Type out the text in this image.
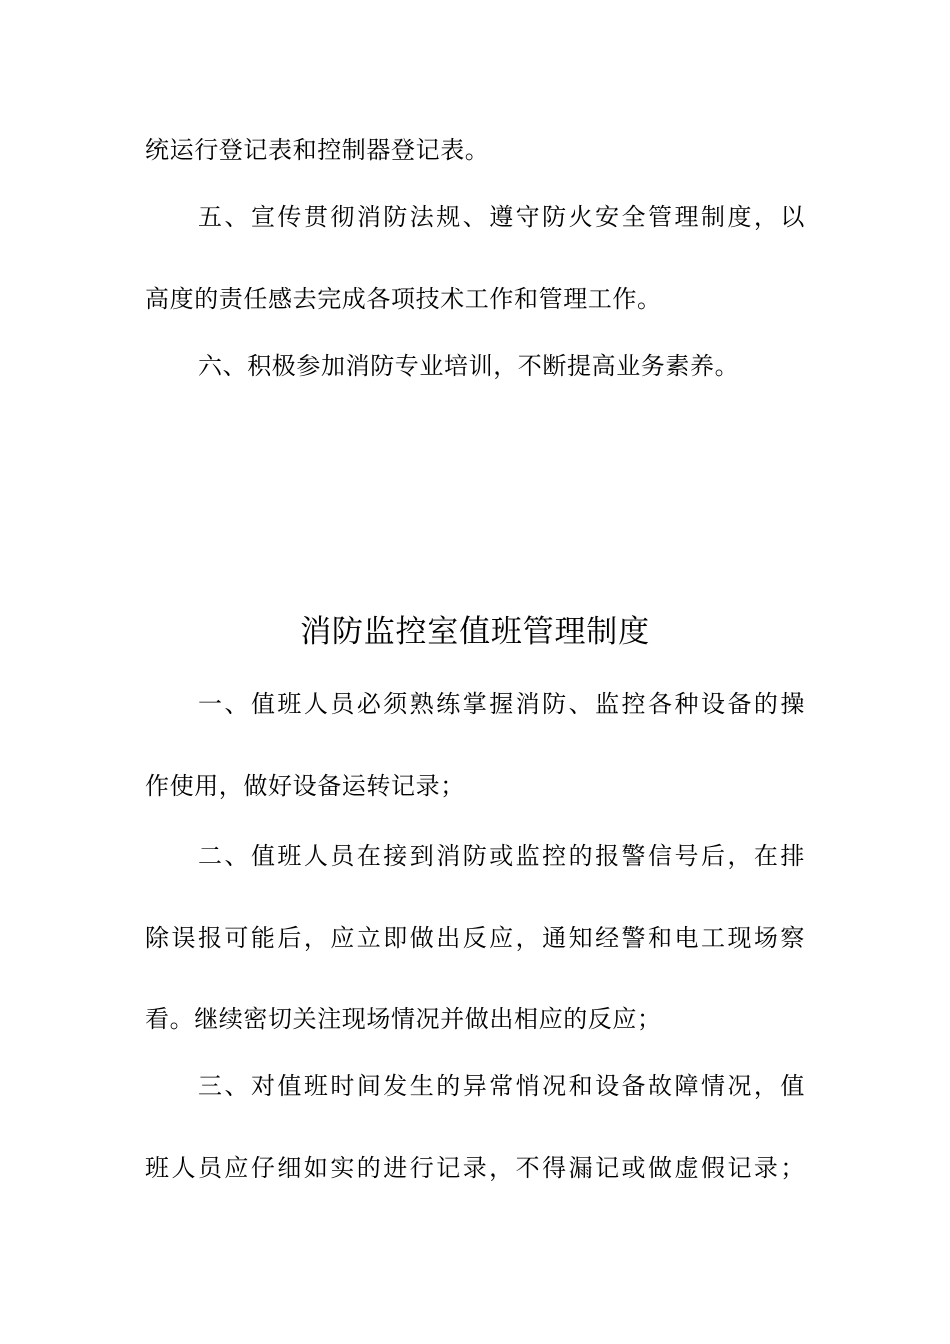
统运行登记表和控制器登记表。
五、宣传贯彻消防法规、遵守防火安全管理制度，以
高度的责任感去完成各项技术工作和管理工作。
六、积极参加消防专业培训，不断提高业务素养。
消防监控室值班管理制度
一、值班人员必须熟练掌握消防、监控各种设备的操
作使用，做好设备运转记录；
二、值班人员在接到消防或监控的报警信号后，在排
除误报可能后，应立即做出反应，通知经警和电工现场察
看。继续密切关注现场情况并做出相应的反应；
三、对值班时间发生的异常悄况和设备故障情况，值
班人员应仔细如实的进行记录，不得漏记或做虚假记录；
